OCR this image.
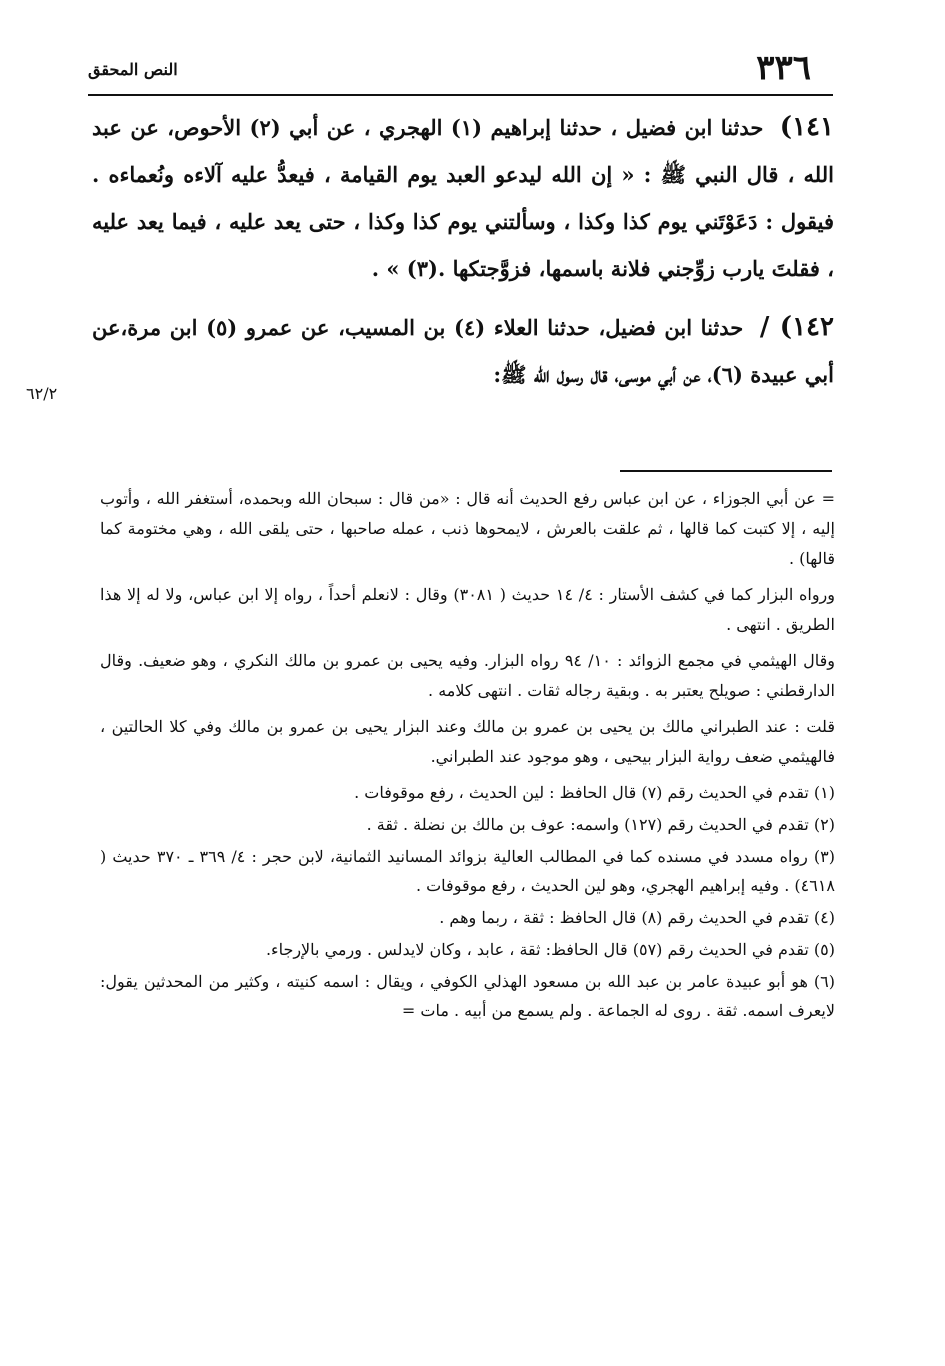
٣٣٦
النص المحقق

١٤١) حدثنا ابن فضيل ، حدثنا إبراهيم (١) الهجري ، عن أبي (٢) الأحوص، عن عبد الله ، قال النبي ﷺ : « إن الله ليدعو العبد يوم القيامة ، فيعدُّ عليه آلاءه ونُعماءه . فيقول : دَعَوْتَني يوم كذا وكذا ، وسألتني يوم كذا وكذا ، حتى يعد عليه ، فيما يعد عليه ، فقلتَ يارب زوِّجني فلانة باسمها، فزوَّجتكها .(٣) » .

١٤٢) / حدثنا ابن فضيل، حدثنا العلاء (٤) بن المسيب، عن عمرو (٥) ابن مرة،عن أبي عبيدة (٦)، عن أبي موسى، قال رسول الله ﷺ:

٦٢/٢

= عن أبي الجوزاء ، عن ابن عباس رفع الحديث أنه قال : «من قال : سبحان الله وبحمده، أستغفر الله ، وأتوب إليه ، إلا كتبت كما قالها ، ثم علقت بالعرش ، لايمحوها ذنب ، عمله صاحبها ، حتى يلقى الله ، وهي مختومة كما قالها) .

ورواه البزار كما في كشف الأستار : ٤/ ١٤ حديث ( ٣٠٨١) وقال : لانعلم أحداً ، رواه إلا ابن عباس، ولا له إلا هذا الطريق . انتهى .

وقال الهيثمي في مجمع الزوائد : ١٠/ ٩٤ رواه البزار. وفيه يحيى بن عمرو بن مالك النكري ، وهو ضعيف. وقال الدارقطني : صويلح يعتبر به . وبقية رجاله ثقات . انتهى كلامه .

قلت : عند الطبراني مالك بن يحيى بن عمرو بن مالك وعند البزار يحيى بن عمرو بن مالك وفي كلا الحالتين ، فالهيثمي ضعف رواية البزار بيحيى ، وهو موجود عند الطبراني.

(١) تقدم في الحديث رقم (٧) قال الحافظ : لين الحديث ، رفع موقوفات .

(٢) تقدم في الحديث رقم (١٢٧) واسمه: عوف بن مالك بن نضلة . ثقة .

(٣) رواه مسدد في مسنده كما في المطالب العالية بزوائد المسانيد الثمانية، لابن حجر : ٤/ ٣٦٩ ـ ٣٧٠ حديث ( ٤٦١٨) . وفيه إبراهيم الهجري، وهو لين الحديث ، رفع موقوفات .

(٤) تقدم في الحديث رقم (٨) قال الحافظ : ثقة ، ربما وهم .

(٥) تقدم في الحديث رقم (٥٧) قال الحافظ: ثقة ، عابد ، وكان لايدلس . ورمي بالإرجاء.

(٦) هو أبو عبيدة عامر بن عبد الله بن مسعود الهذلي الكوفي ، ويقال : اسمه كنيته ، وكثير من المحدثين يقول: لايعرف اسمه. ثقة . روى له الجماعة . ولم يسمع من أبيه . مات =
